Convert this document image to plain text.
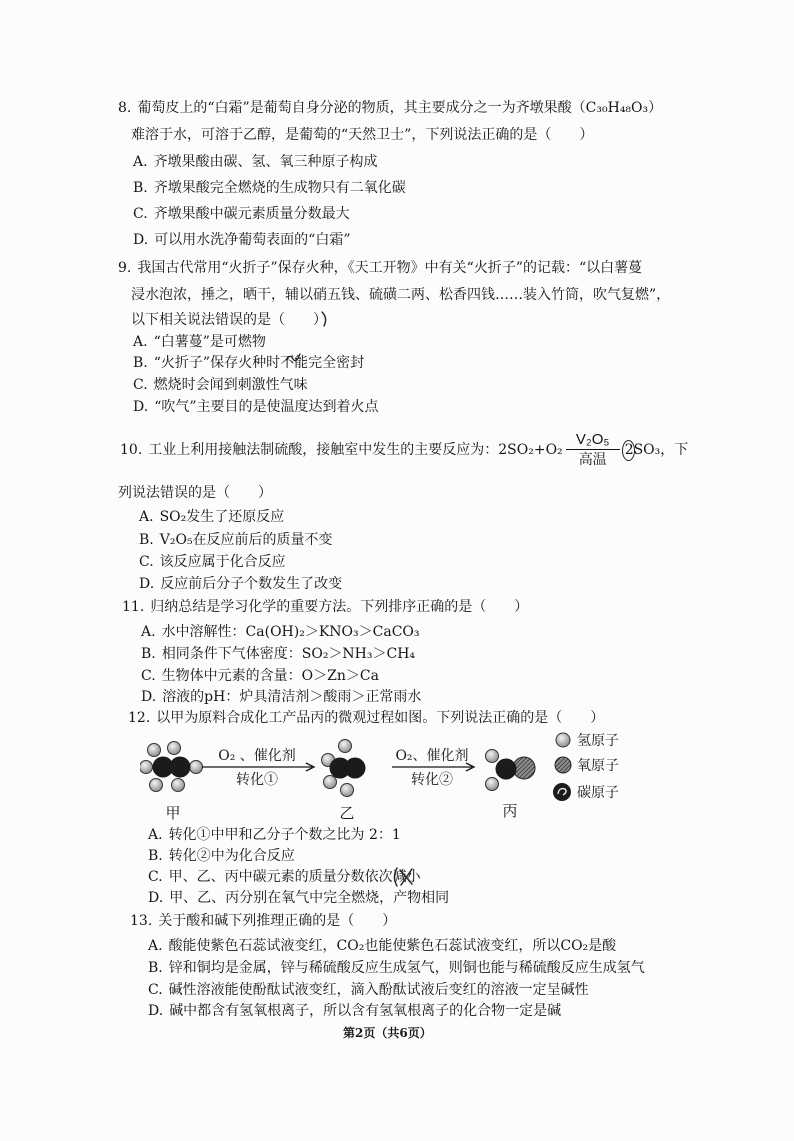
8. 葡萄皮上的“白霜”是葡萄自身分泌的物质，其主要成分之一为齐墩果酸（C₃₀H₄₈O₃）
难溶于水，可溶于乙醇，是葡萄的“天然卫士”，下列说法正确的是（　　）
A. 齐墩果酸由碳、氢、氧三种原子构成
B. 齐墩果酸完全燃烧的生成物只有二氧化碳
C. 齐墩果酸中碳元素质量分数最大
D. 可以用水洗净葡萄表面的“白霜”
9. 我国古代常用“火折子”保存火种，《天工开物》中有关“火折子”的记载：“以白薯蔓
浸水泡浓，捶之，晒干，辅以硝五钱、硫磺二两、松香四钱……装入竹筒，吹气复燃”，
以下相关说法错误的是（　　）
A. “白薯蔓”是可燃物
B. “火折子”保存火种时不能完全密封
C. 燃烧时会闻到刺激性气味
D. “吹气”主要目的是使温度达到着火点
10. 工业上利用接触法制硫酸，接触室中发生的主要反应为： 2SO₂+O₂
V₂O₅
高温
2SO₃ ，下
列说法错误的是（　　）
A. SO₂发生了还原反应
B. V₂O₅在反应前后的质量不变
C. 该反应属于化合反应
D. 反应前后分子个数发生了改变
11. 归纳总结是学习化学的重要方法。下列排序正确的是（　　）
A. 水中溶解性：Ca(OH)₂＞KNO₃＞CaCO₃
B. 相同条件下气体密度：SO₂＞NH₃＞CH₄
C. 生物体中元素的含量：O＞Zn＞Ca
D. 溶液的pH：炉具清洁剂＞酸雨＞正常雨水
12. 以甲为原料合成化工产品丙的微观过程如图。下列说法正确的是（　　）
O₂ 、催化剂
转化①
O₂、催化剂
转化②
甲	乙	丙
氢原子
氧原子
碳原子
A. 转化①中甲和乙分子个数之比为 2：1
B. 转化②中为化合反应
C. 甲、乙、丙中碳元素的质量分数依次减小
D. 甲、乙、丙分别在氧气中完全燃烧，产物相同
13. 关于酸和碱下列推理正确的是（　　）
A. 酸能使紫色石蕊试液变红，CO₂也能使紫色石蕊试液变红，所以CO₂是酸
B. 锌和铜均是金属，锌与稀硫酸反应生成氢气，则铜也能与稀硫酸反应生成氢气
C. 碱性溶液能使酚酞试液变红，滴入酚酞试液后变红的溶液一定呈碱性
D. 碱中都含有氢氧根离子，所以含有氢氧根离子的化合物一定是碱
第2页（共6页）
